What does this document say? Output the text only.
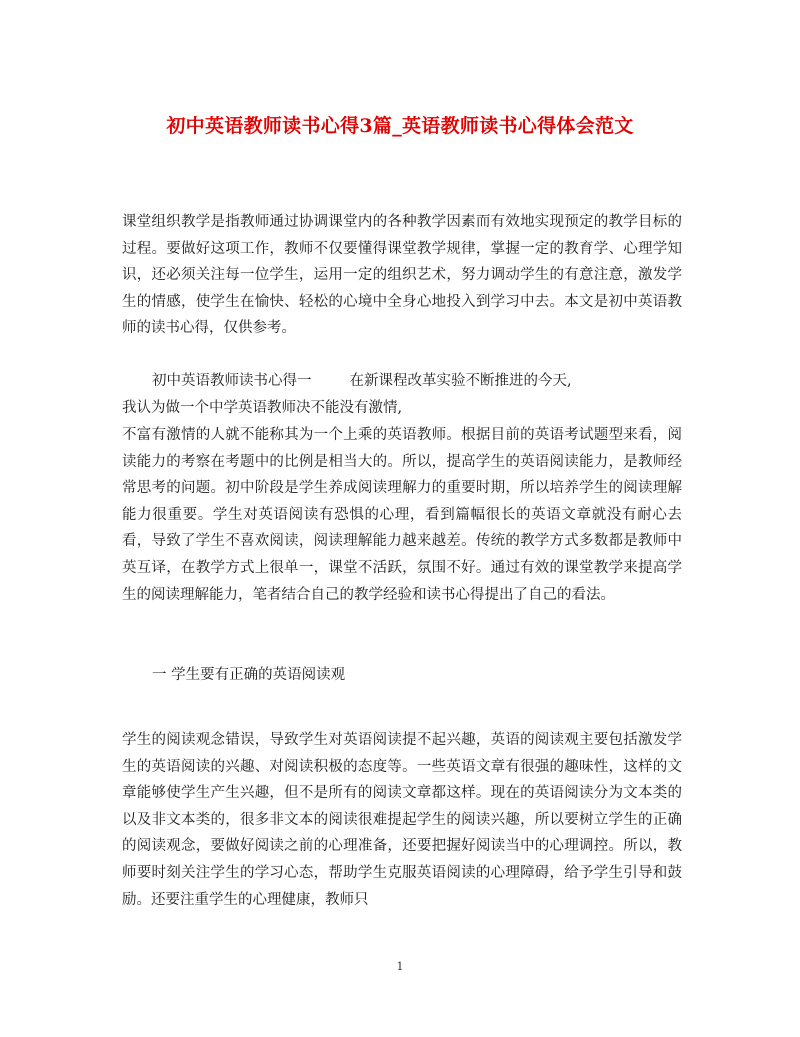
初中英语教师读书心得3篇_英语教师读书心得体会范文
课堂组织教学是指教师通过协调课堂内的各种教学因素而有效地实现预定的教学目标的过程。要做好这项工作，教师不仅要懂得课堂教学规律，掌握一定的教育学、心理学知识，还必须关注每一位学生，运用一定的组织艺术，努力调动学生的有意注意，激发学生的情感，使学生在愉快、轻松的心境中全身心地投入到学习中去。本文是初中英语教师的读书心得，仅供参考。
初中英语教师读书心得一	在新课程改革实验不断推进的今天,
我认为做一个中学英语教师决不能没有激情,
不富有激情的人就不能称其为一个上乘的英语教师。根据目前的英语考试题型来看，阅读能力的考察在考题中的比例是相当大的。所以，提高学生的英语阅读能力，是教师经常思考的问题。初中阶段是学生养成阅读理解力的重要时期，所以培养学生的阅读理解能力很重要。学生对英语阅读有恐惧的心理，看到篇幅很长的英语文章就没有耐心去看，导致了学生不喜欢阅读，阅读理解能力越来越差。传统的教学方式多数都是教师中英互译，在教学方式上很单一，课堂不活跃，氛围不好。通过有效的课堂教学来提高学生的阅读理解能力，笔者结合自己的教学经验和读书心得提出了自己的看法。
一 学生要有正确的英语阅读观
学生的阅读观念错误，导致学生对英语阅读提不起兴趣，英语的阅读观主要包括激发学生的英语阅读的兴趣、对阅读积极的态度等。一些英语文章有很强的趣味性，这样的文章能够使学生产生兴趣，但不是所有的阅读文章都这样。现在的英语阅读分为文本类的以及非文本类的，很多非文本的阅读很难提起学生的阅读兴趣，所以要树立学生的正确的阅读观念，要做好阅读之前的心理准备，还要把握好阅读当中的心理调控。所以，教师要时刻关注学生的学习心态，帮助学生克服英语阅读的心理障碍，给予学生引导和鼓励。还要注重学生的心理健康，教师只
1
